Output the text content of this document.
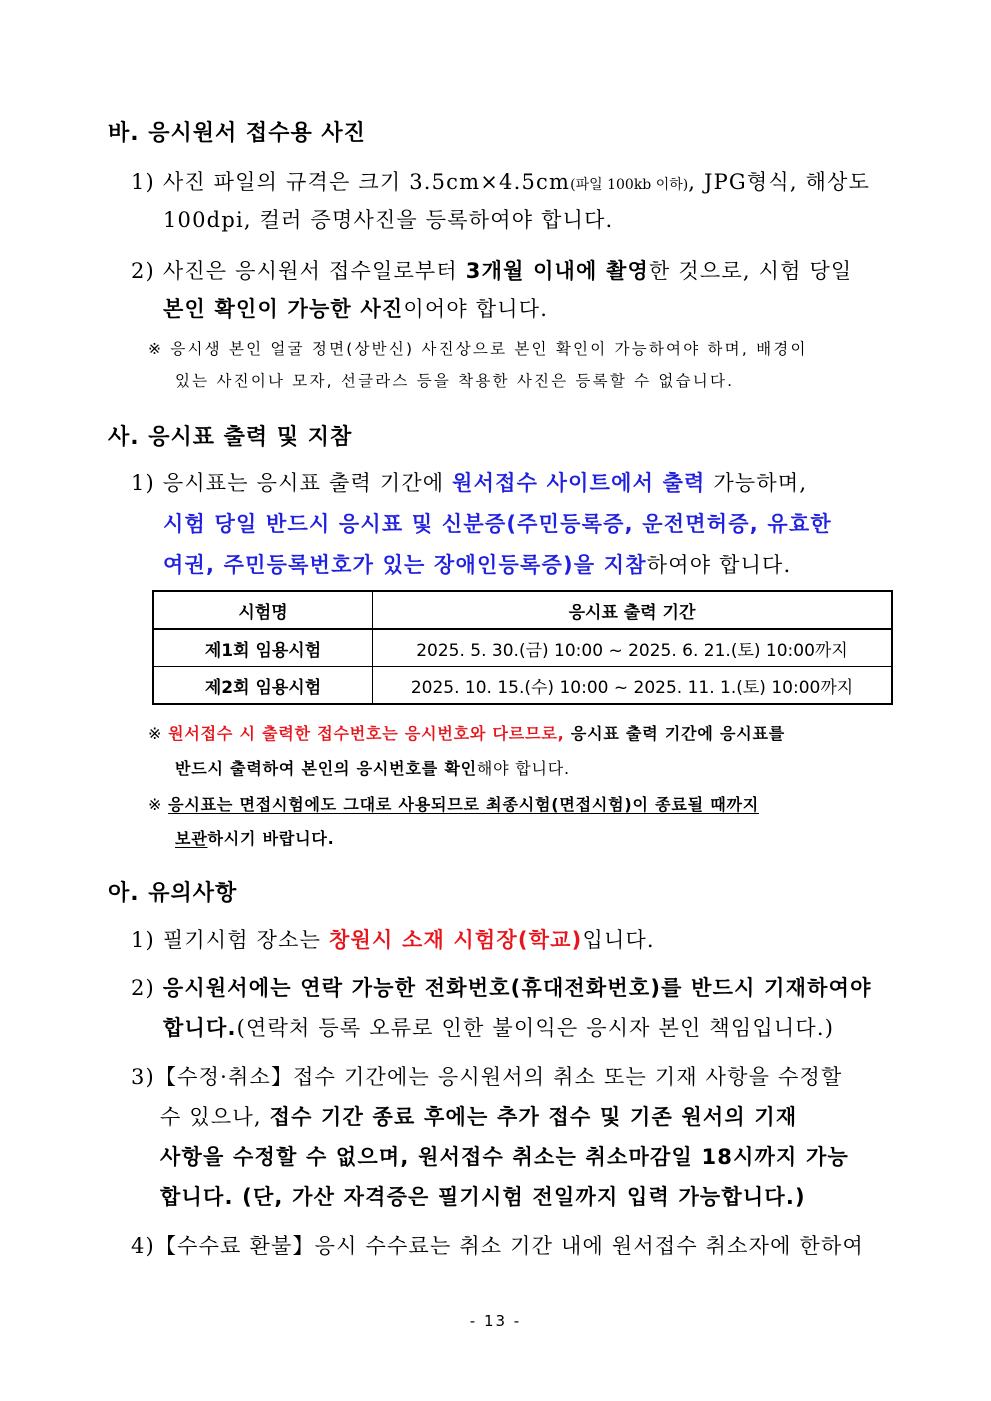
바. 응시원서 접수용 사진
1) 사진 파일의 규격은 크기 3.5cm×4.5cm(파일 100kb 이하), JPG형식, 해상도
100dpi, 컬러 증명사진을 등록하여야 합니다.
2) 사진은 응시원서 접수일로부터 3개월 이내에 촬영한 것으로, 시험 당일
본인 확인이 가능한 사진이어야 합니다.
※ 응시생 본인 얼굴 정면(상반신) 사진상으로 본인 확인이 가능하여야 하며, 배경이
있는 사진이나 모자, 선글라스 등을 착용한 사진은 등록할 수 없습니다.
사. 응시표 출력 및 지참
1) 응시표는 응시표 출력 기간에 원서접수 사이트에서 출력 가능하며,
시험 당일 반드시 응시표 및 신분증(주민등록증, 운전면허증, 유효한
여권, 주민등록번호가 있는 장애인등록증)을 지참하여야 합니다.
시험명	응시표 출력 기간
제1회 임용시험	2025. 5. 30.(금) 10:00 ~ 2025. 6. 21.(토) 10:00까지
제2회 임용시험	2025. 10. 15.(수) 10:00 ~ 2025. 11. 1.(토) 10:00까지
※ 원서접수 시 출력한 접수번호는 응시번호와 다르므로, 응시표 출력 기간에 응시표를
반드시 출력하여 본인의 응시번호를 확인해야 합니다.
※ 응시표는 면접시험에도 그대로 사용되므로 최종시험(면접시험)이 종료될 때까지
보관하시기 바랍니다.
아. 유의사항
1) 필기시험 장소는 창원시 소재 시험장(학교)입니다.
2) 응시원서에는 연락 가능한 전화번호(휴대전화번호)를 반드시 기재하여야
합니다.(연락처 등록 오류로 인한 불이익은 응시자 본인 책임입니다.)
3)【수정·취소】접수 기간에는 응시원서의 취소 또는 기재 사항을 수정할
수 있으나, 접수 기간 종료 후에는 추가 접수 및 기존 원서의 기재
사항을 수정할 수 없으며, 원서접수 취소는 취소마감일 18시까지 가능
합니다. (단, 가산 자격증은 필기시험 전일까지 입력 가능합니다.)
4)【수수료 환불】응시 수수료는 취소 기간 내에 원서접수 취소자에 한하여
- 13 -
